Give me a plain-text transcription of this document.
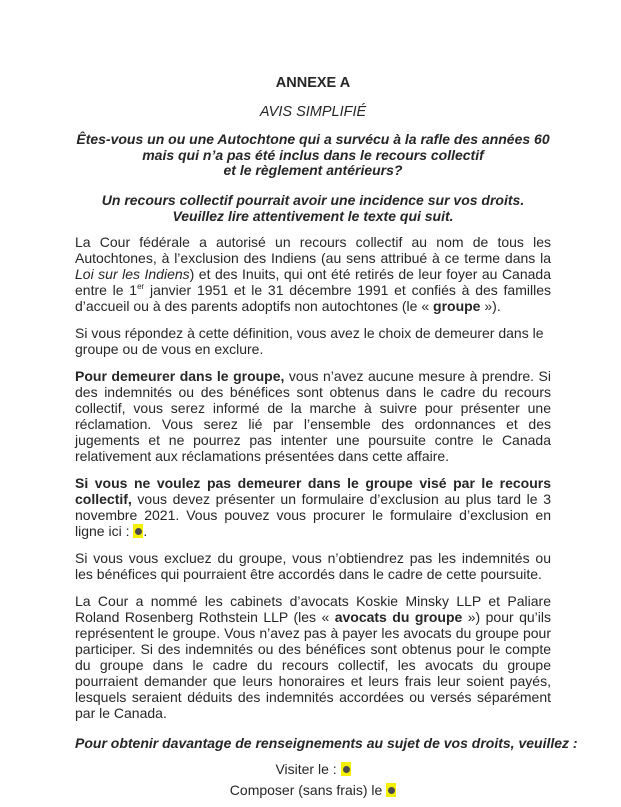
ANNEXE A
AVIS SIMPLIFIÉ
Êtes-vous un ou une Autochtone qui a survécu à la rafle des années 60
mais qui n’a pas été inclus dans le recours collectif
et le règlement antérieurs?
Un recours collectif pourrait avoir une incidence sur vos droits.
Veuillez lire attentivement le texte qui suit.

La Cour fédérale a autorisé un recours collectif au nom de tous les Autochtones, à l’exclusion des Indiens (au sens attribué à ce terme dans la Loi sur les Indiens) et des Inuits, qui ont été retirés de leur foyer au Canada entre le 1er janvier 1951 et le 31 décembre 1991 et confiés à des familles d’accueil ou à des parents adoptifs non autochtones (le « groupe »).

Si vous répondez à cette définition, vous avez le choix de demeurer dans le groupe ou de vous en exclure.

Pour demeurer dans le groupe, vous n’avez aucune mesure à prendre. Si des indemnités ou des bénéfices sont obtenus dans le cadre du recours collectif, vous serez informé de la marche à suivre pour présenter une réclamation. Vous serez lié par l’ensemble des ordonnances et des jugements et ne pourrez pas intenter une poursuite contre le Canada relativement aux réclamations présentées dans cette affaire.

Si vous ne voulez pas demeurer dans le groupe visé par le recours collectif, vous devez présenter un formulaire d’exclusion au plus tard le 3 novembre 2021. Vous pouvez vous procurer le formulaire d’exclusion en ligne ici : .

Si vous vous excluez du groupe, vous n’obtiendrez pas les indemnités ou les bénéfices qui pourraient être accordés dans le cadre de cette poursuite.

La Cour a nommé les cabinets d’avocats Koskie Minsky LLP et Paliare Roland Rosenberg Rothstein LLP (les « avocats du groupe ») pour qu’ils représentent le groupe. Vous n’avez pas à payer les avocats du groupe pour participer. Si des indemnités ou des bénéfices sont obtenus pour le compte du groupe dans le cadre du recours collectif, les avocats du groupe pourraient demander que leurs honoraires et leurs frais leur soient payés, lesquels seraient déduits des indemnités accordées ou versés séparément par le Canada.

Pour obtenir davantage de renseignements au sujet de vos droits, veuillez :
Visiter le :
Composer (sans frais) le
